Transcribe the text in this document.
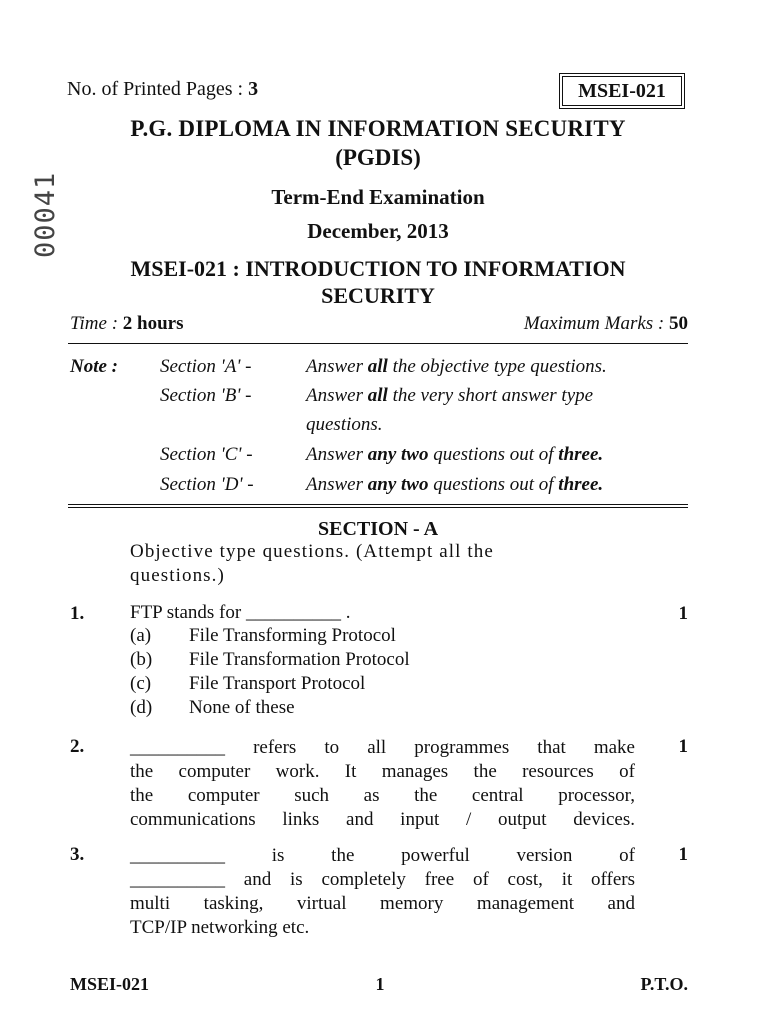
No. of Printed Pages : 3	MSEI-021
00041
P.G. DIPLOMA IN INFORMATION SECURITY
(PGDIS)
Term-End Examination
December, 2013
MSEI-021 : INTRODUCTION TO INFORMATION
SECURITY
Time : 2 hours	Maximum Marks : 50
Note : Section 'A' -	Answer all the objective type questions.
Section 'B' -	Answer all the very short answer type
questions.
Section 'C' -	Answer any two questions out of three.
Section 'D' -	Answer any two questions out of three.
SECTION - A
Objective type questions. (Attempt all the
questions.)
1. FTP stands for __________ .	1
(a) File Transforming Protocol
(b) File Transformation Protocol
(c) File Transport Protocol
(d) None of these
2.	1
__________ refers to all programmes that make
the computer work. It manages the resources of
the computer such as the central processor,
communications links and input / output devices.
3.	1
__________ is the powerful version of
__________ and is completely free of cost, it offers
multi tasking, virtual memory management and
TCP/IP networking etc.
MSEI-021	1	P.T.O.
